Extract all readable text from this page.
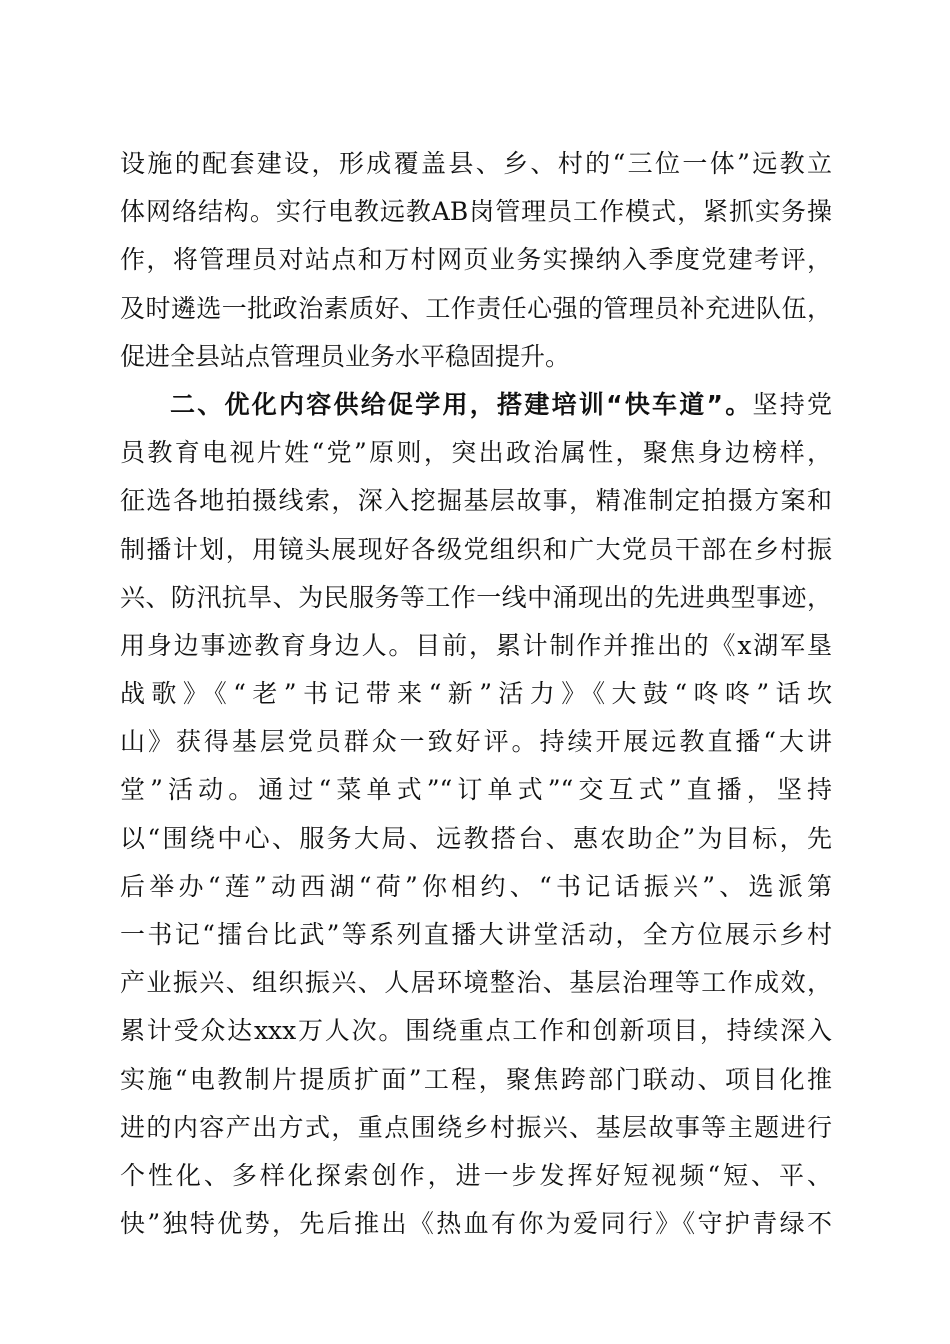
设施的配套建设，形成覆盖县、乡、村的“三位一体”远教立
体网络结构。实行电教远教AB岗管理员工作模式，紧抓实务操
作，将管理员对站点和万村网页业务实操纳入季度党建考评，
及时遴选一批政治素质好、工作责任心强的管理员补充进队伍，
促进全县站点管理员业务水平稳固提升。
二、优化内容供给促学用，搭建培训“快车道”。坚持党
员教育电视片姓“党”原则，突出政治属性，聚焦身边榜样，
征选各地拍摄线索，深入挖掘基层故事，精准制定拍摄方案和
制播计划，用镜头展现好各级党组织和广大党员干部在乡村振
兴、防汛抗旱、为民服务等工作一线中涌现出的先进典型事迹，
用身边事迹教育身边人。目前，累计制作并推出的《x湖军垦
战歌》《“老”书记带来“新”活力》《大鼓“咚咚”话坎
山》获得基层党员群众一致好评。持续开展远教直播“大讲
堂”活动。通过“菜单式”“订单式”“交互式”直播，坚持
以“围绕中心、服务大局、远教搭台、惠农助企”为目标，先
后举办“莲”动西湖“荷”你相约、“书记话振兴”、选派第
一书记“擂台比武”等系列直播大讲堂活动，全方位展示乡村
产业振兴、组织振兴、人居环境整治、基层治理等工作成效，
累计受众达xxx万人次。围绕重点工作和创新项目，持续深入
实施“电教制片提质扩面”工程，聚焦跨部门联动、项目化推
进的内容产出方式，重点围绕乡村振兴、基层故事等主题进行
个性化、多样化探索创作，进一步发挥好短视频“短、平、
快”独特优势，先后推出《热血有你为爱同行》《守护青绿不
